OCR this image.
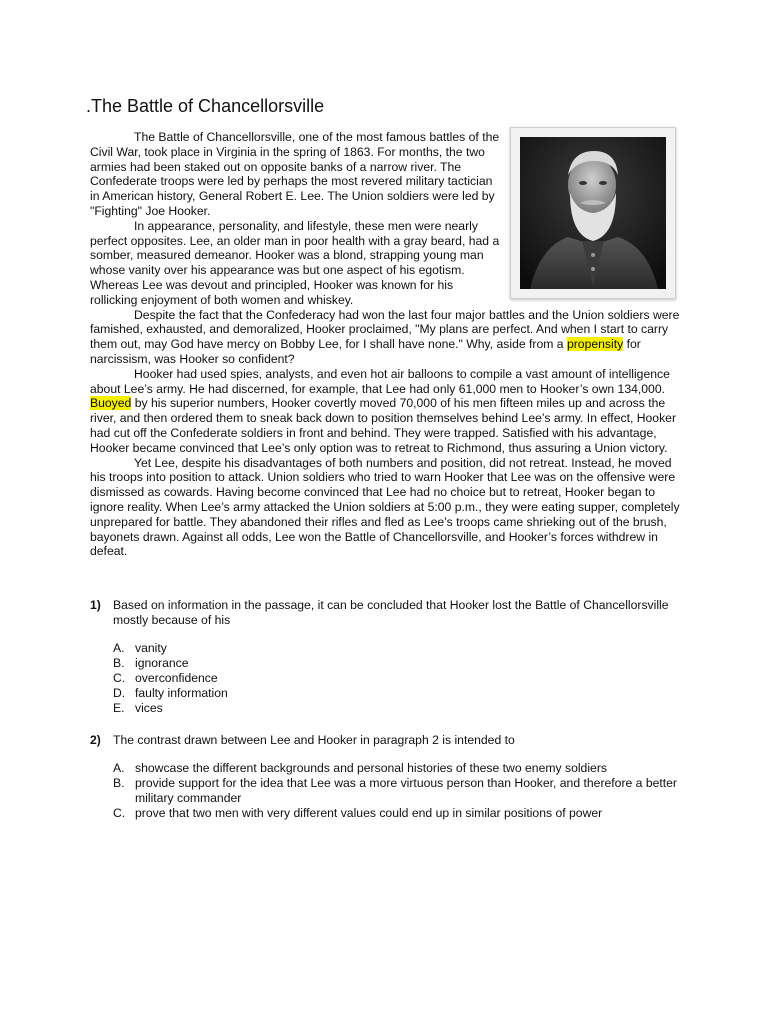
.The Battle of Chancellorsville

The Battle of Chancellorsville, one of the most famous battles of the Civil War, took place in Virginia in the spring of 1863. For months, the two armies had been staked out on opposite banks of a narrow river. The Confederate troops were led by perhaps the most revered military tactician in American history, General Robert E. Lee. The Union soldiers were led by "Fighting" Joe Hooker.

In appearance, personality, and lifestyle, these men were nearly perfect opposites. Lee, an older man in poor health with a gray beard, had a somber, measured demeanor. Hooker was a blond, strapping young man whose vanity over his appearance was but one aspect of his egotism. Whereas Lee was devout and principled, Hooker was known for his rollicking enjoyment of both women and whiskey.

Despite the fact that the Confederacy had won the last four major battles and the Union soldiers were famished, exhausted, and demoralized, Hooker proclaimed, "My plans are perfect. And when I start to carry them out, may God have mercy on Bobby Lee, for I shall have none." Why, aside from a propensity for narcissism, was Hooker so confident?

Hooker had used spies, analysts, and even hot air balloons to compile a vast amount of intelligence about Lee’s army. He had discerned, for example, that Lee had only 61,000 men to Hooker’s own 134,000. Buoyed by his superior numbers, Hooker covertly moved 70,000 of his men fifteen miles up and across the river, and then ordered them to sneak back down to position themselves behind Lee’s army. In effect, Hooker had cut off the Confederate soldiers in front and behind. They were trapped. Satisfied with his advantage, Hooker became convinced that Lee’s only option was to retreat to Richmond, thus assuring a Union victory.

Yet Lee, despite his disadvantages of both numbers and position, did not retreat. Instead, he moved his troops into position to attack. Union soldiers who tried to warn Hooker that Lee was on the offensive were dismissed as cowards. Having become convinced that Lee had no choice but to retreat, Hooker began to ignore reality. When Lee’s army attacked the Union soldiers at 5:00 p.m., they were eating supper, completely unprepared for battle. They abandoned their rifles and fled as Lee’s troops came shrieking out of the brush, bayonets drawn. Against all odds, Lee won the Battle of Chancellorsville, and Hooker’s forces withdrew in defeat.

1) Based on information in the passage, it can be concluded that Hooker lost the Battle of Chancellorsville mostly because of his
A. vanity
B. ignorance
C. overconfidence
D. faulty information
E. vices
2) The contrast drawn between Lee and Hooker in paragraph 2 is intended to
A. showcase the different backgrounds and personal histories of these two enemy soldiers
B. provide support for the idea that Lee was a more virtuous person than Hooker, and therefore a better military commander
C. prove that two men with very different values could end up in similar positions of power
